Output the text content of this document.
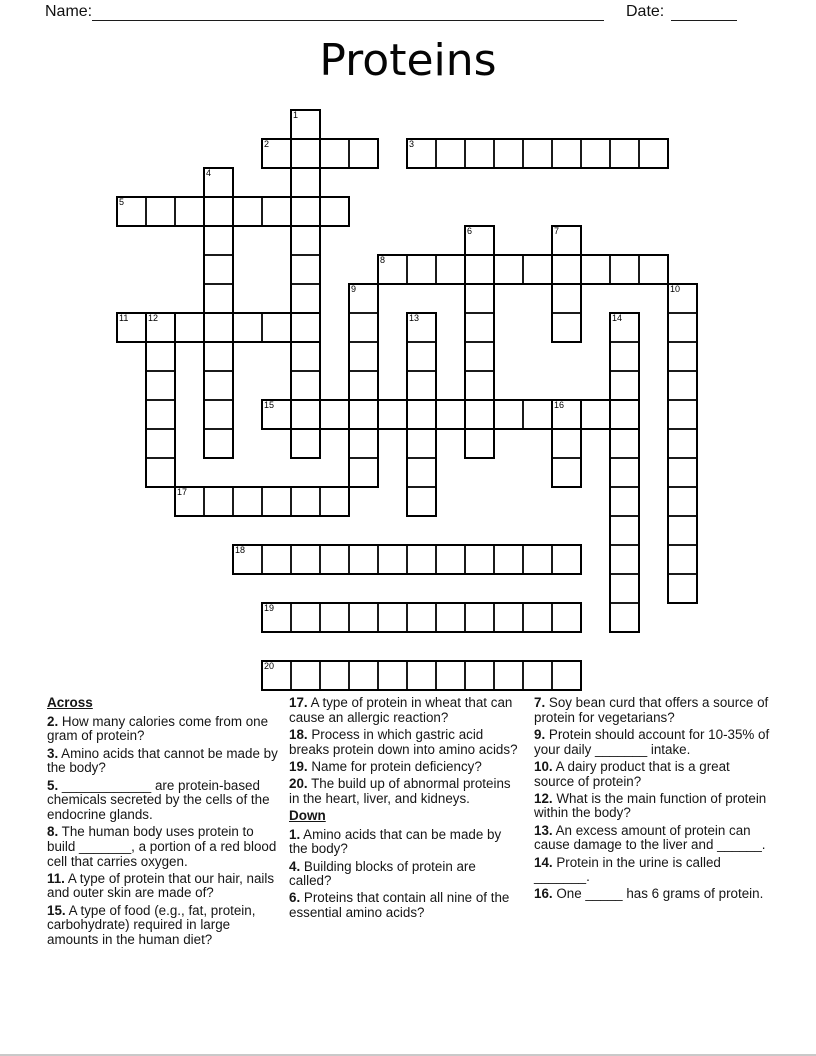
Name:	Date:
Proteins
1
2	3
4
5
6	7
8
9	10
11 12	13	14
15	16
17
18
19
20
Across
2. How many calories come from one gram of protein?
3. Amino acids that cannot be made by the body?
5. ____________ are protein-based chemicals secreted by the cells of the endocrine glands.
8. The human body uses protein to build _______, a portion of a red blood cell that carries oxygen.
11. A type of protein that our hair, nails and outer skin are made of?
15. A type of food (e.g., fat, protein, carbohydrate) required in large amounts in the human diet?
17. A type of protein in wheat that can cause an allergic reaction?
18. Process in which gastric acid breaks protein down into amino acids?
19. Name for protein deficiency?
20. The build up of abnormal proteins in the heart, liver, and kidneys.
Down
1. Amino acids that can be made by the body?
4. Building blocks of protein are called?
6. Proteins that contain all nine of the essential amino acids?
7. Soy bean curd that offers a source of protein for vegetarians?
9. Protein should account for 10-35% of your daily _______ intake.
10. A dairy product that is a great source of protein?
12. What is the main function of protein within the body?
13. An excess amount of protein can cause damage to the liver and ______.
14. Protein in the urine is called _______.
16. One _____ has 6 grams of protein.
